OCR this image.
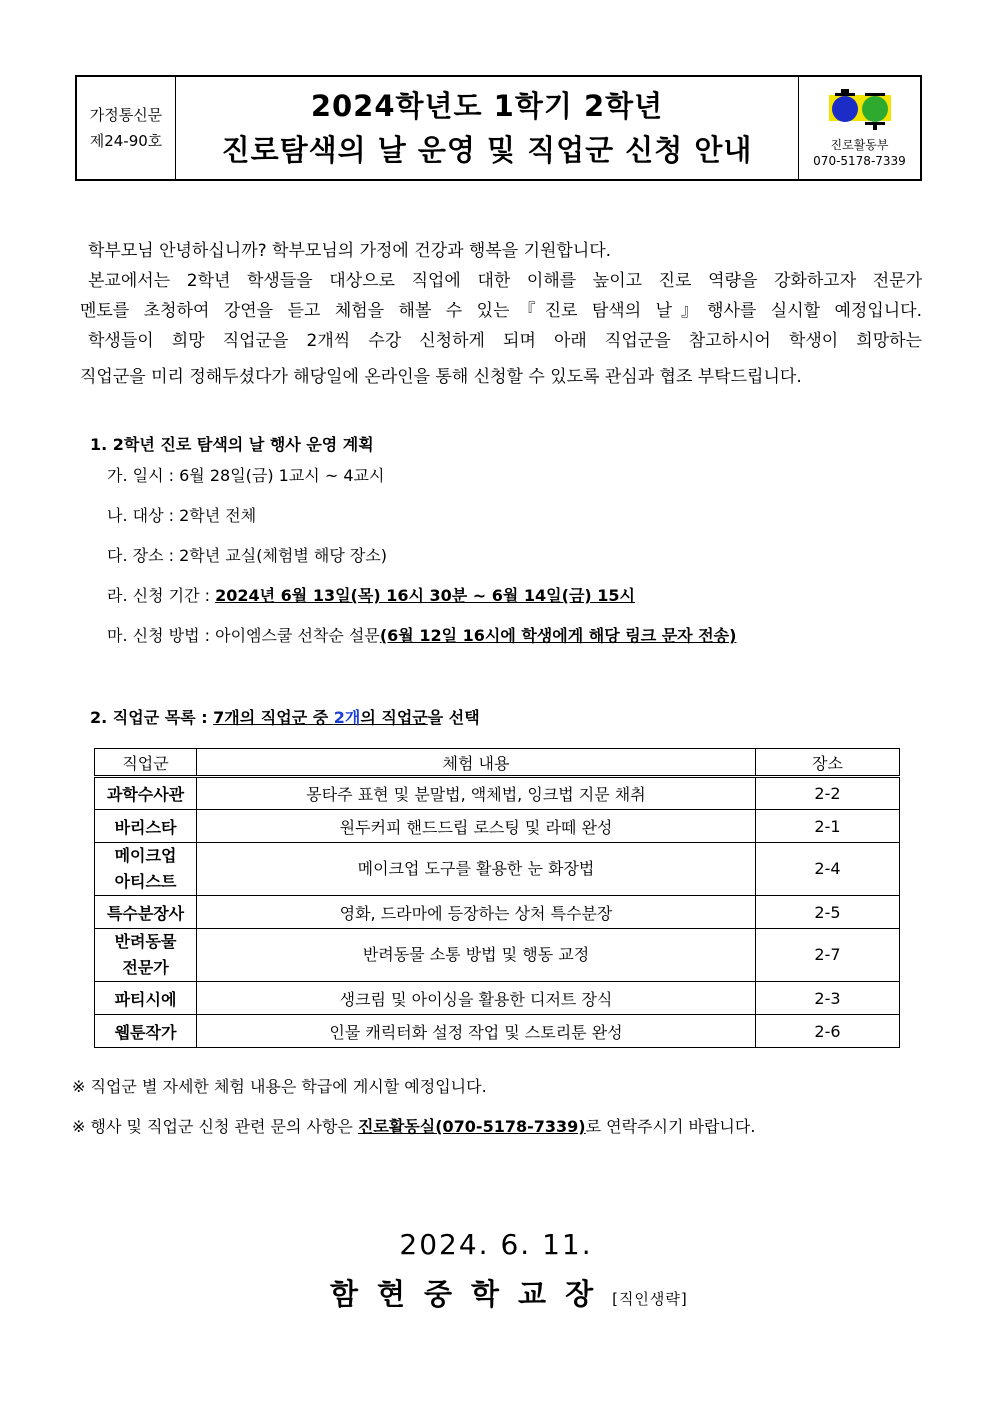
가정통신문
제24-90호
2024학년도 1학기 2학년
진로탐색의 날 운영 및 직업군 신청 안내	진로활동부
070-5178-7339

학부모님 안녕하십니까? 학부모님의 가정에 건강과 행복을 기원합니다.

본교에서는 2학년 학생들을 대상으로 직업에 대한 이해를 높이고 진로 역량을 강화하고자 전문가

멘토를 초청하여 강연을 듣고 체험을 해볼 수 있는『진로 탐색의 날』행사를 실시할 예정입니다.

학생들이 희망 직업군을 2개씩 수강 신청하게 되며 아래 직업군을 참고하시어 학생이 희망하는

직업군을 미리 정해두셨다가 해당일에 온라인을 통해 신청할 수 있도록 관심과 협조 부탁드립니다.

1. 2학년 진로 탐색의 날 행사 운영 계획
가. 일시 : 6월 28일(금) 1교시 ~ 4교시
나. 대상 : 2학년 전체
다. 장소 : 2학년 교실(체험별 해당 장소)
라. 신청 기간 : 2024년 6월 13일(목) 16시 30분 ~ 6월 14일(금) 15시
마. 신청 방법 : 아이엠스쿨 선착순 설문(6월 12일 16시에 학생에게 해당 링크 문자 전송)
2. 직업군 목록 : 7개의 직업군 중 2개의 직업군을 선택
직업군	체험 내용	장소
과학수사관	몽타주 표현 및 분말법, 액체법, 잉크법 지문 채취	2-2
바리스타	원두커피 핸드드립 로스팅 및 라떼 완성	2-1

메이크업
아티스트	메이크업 도구를 활용한 눈 화장법	2-4
특수분장사	영화, 드라마에 등장하는 상처 특수분장	2-5

반려동물
전문가	반려동물 소통 방법 및 행동 교정	2-7
파티시에	생크림 및 아이싱을 활용한 디저트 장식	2-3
웹툰작가	인물 캐릭터화 설정 작업 및 스토리툰 완성	2-6
※ 직업군 별 자세한 체험 내용은 학급에 게시할 예정입니다.
※ 행사 및 직업군 신청 관련 문의 사항은 진로활동실(070-5178-7339)로 연락주시기 바랍니다.
2024. 6. 11.
함현중학교장[직인생략]
